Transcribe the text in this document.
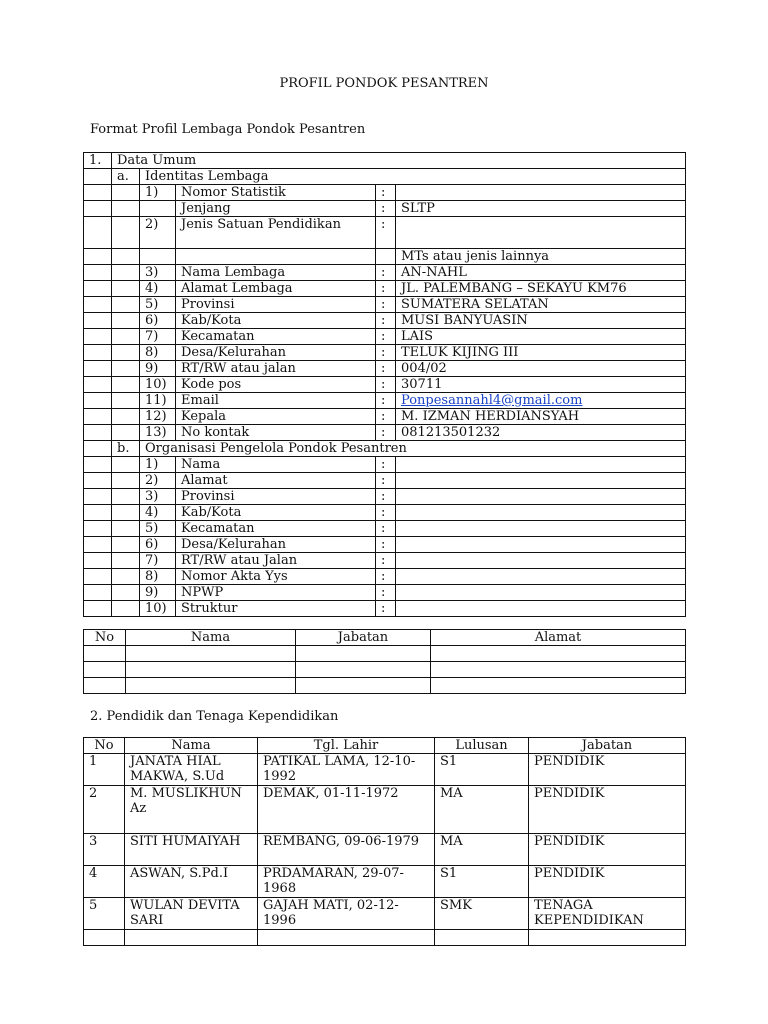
PROFIL PONDOK PESANTREN
Format Profil Lembaga Pondok Pesantren
1.	Data Umum				
	a.	Identitas Lembaga			
		1)	Nomor Statistik	:	
			Jenjang	:	SLTP
		2)	Jenis Satuan Pendidikan	:	
					MTs atau jenis lainnya
		3)	Nama Lembaga	:	AN-NAHL
		4)	Alamat Lembaga	:	JL. PALEMBANG – SEKAYU KM76
		5)	Provinsi	:	SUMATERA SELATAN
		6)	Kab/Kota	:	MUSI BANYUASIN
		7)	Kecamatan	:	LAIS
		8)	Desa/Kelurahan	:	TELUK KIJING III
		9)	RT/RW atau jalan	:	004/02
		10)	Kode pos	:	30711
		11)	Email	:	Ponpesannahl4@gmail.com
		12)	Kepala	:	M. IZMAN HERDIANSYAH
		13)	No kontak	:	081213501232
	b.	Organisasi Pengelola Pondok Pesantren			
		1)	Nama	:	
		2)	Alamat	:	
		3)	Provinsi	:	
		4)	Kab/Kota	:	
		5)	Kecamatan	:	
		6)	Desa/Kelurahan	:	
		7)	RT/RW atau Jalan	:	
		8)	Nomor Akta Yys	:	
		9)	NPWP	:	
		10)	Struktur	:	
No	Nama	Jabatan	Alamat

2. Pendidik dan Tenaga Kependidikan
No	Nama	Tgl. Lahir	Lulusan	Jabatan
1	JANATA HIAL MAKWA, S.Ud	PATIKAL LAMA, 12-10-1992	S1	PENDIDIK
2	M. MUSLIKHUN Az	DEMAK, 01-11-1972	MA	PENDIDIK
3	SITI HUMAIYAH	REMBANG, 09-06-1979	MA	PENDIDIK
4	ASWAN, S.Pd.I	PRDAMARAN, 29-07-1968	S1	PENDIDIK
5	WULAN DEVITA SARI	GAJAH MATI, 02-12-1996	SMK	TENAGA KEPENDIDIKAN
